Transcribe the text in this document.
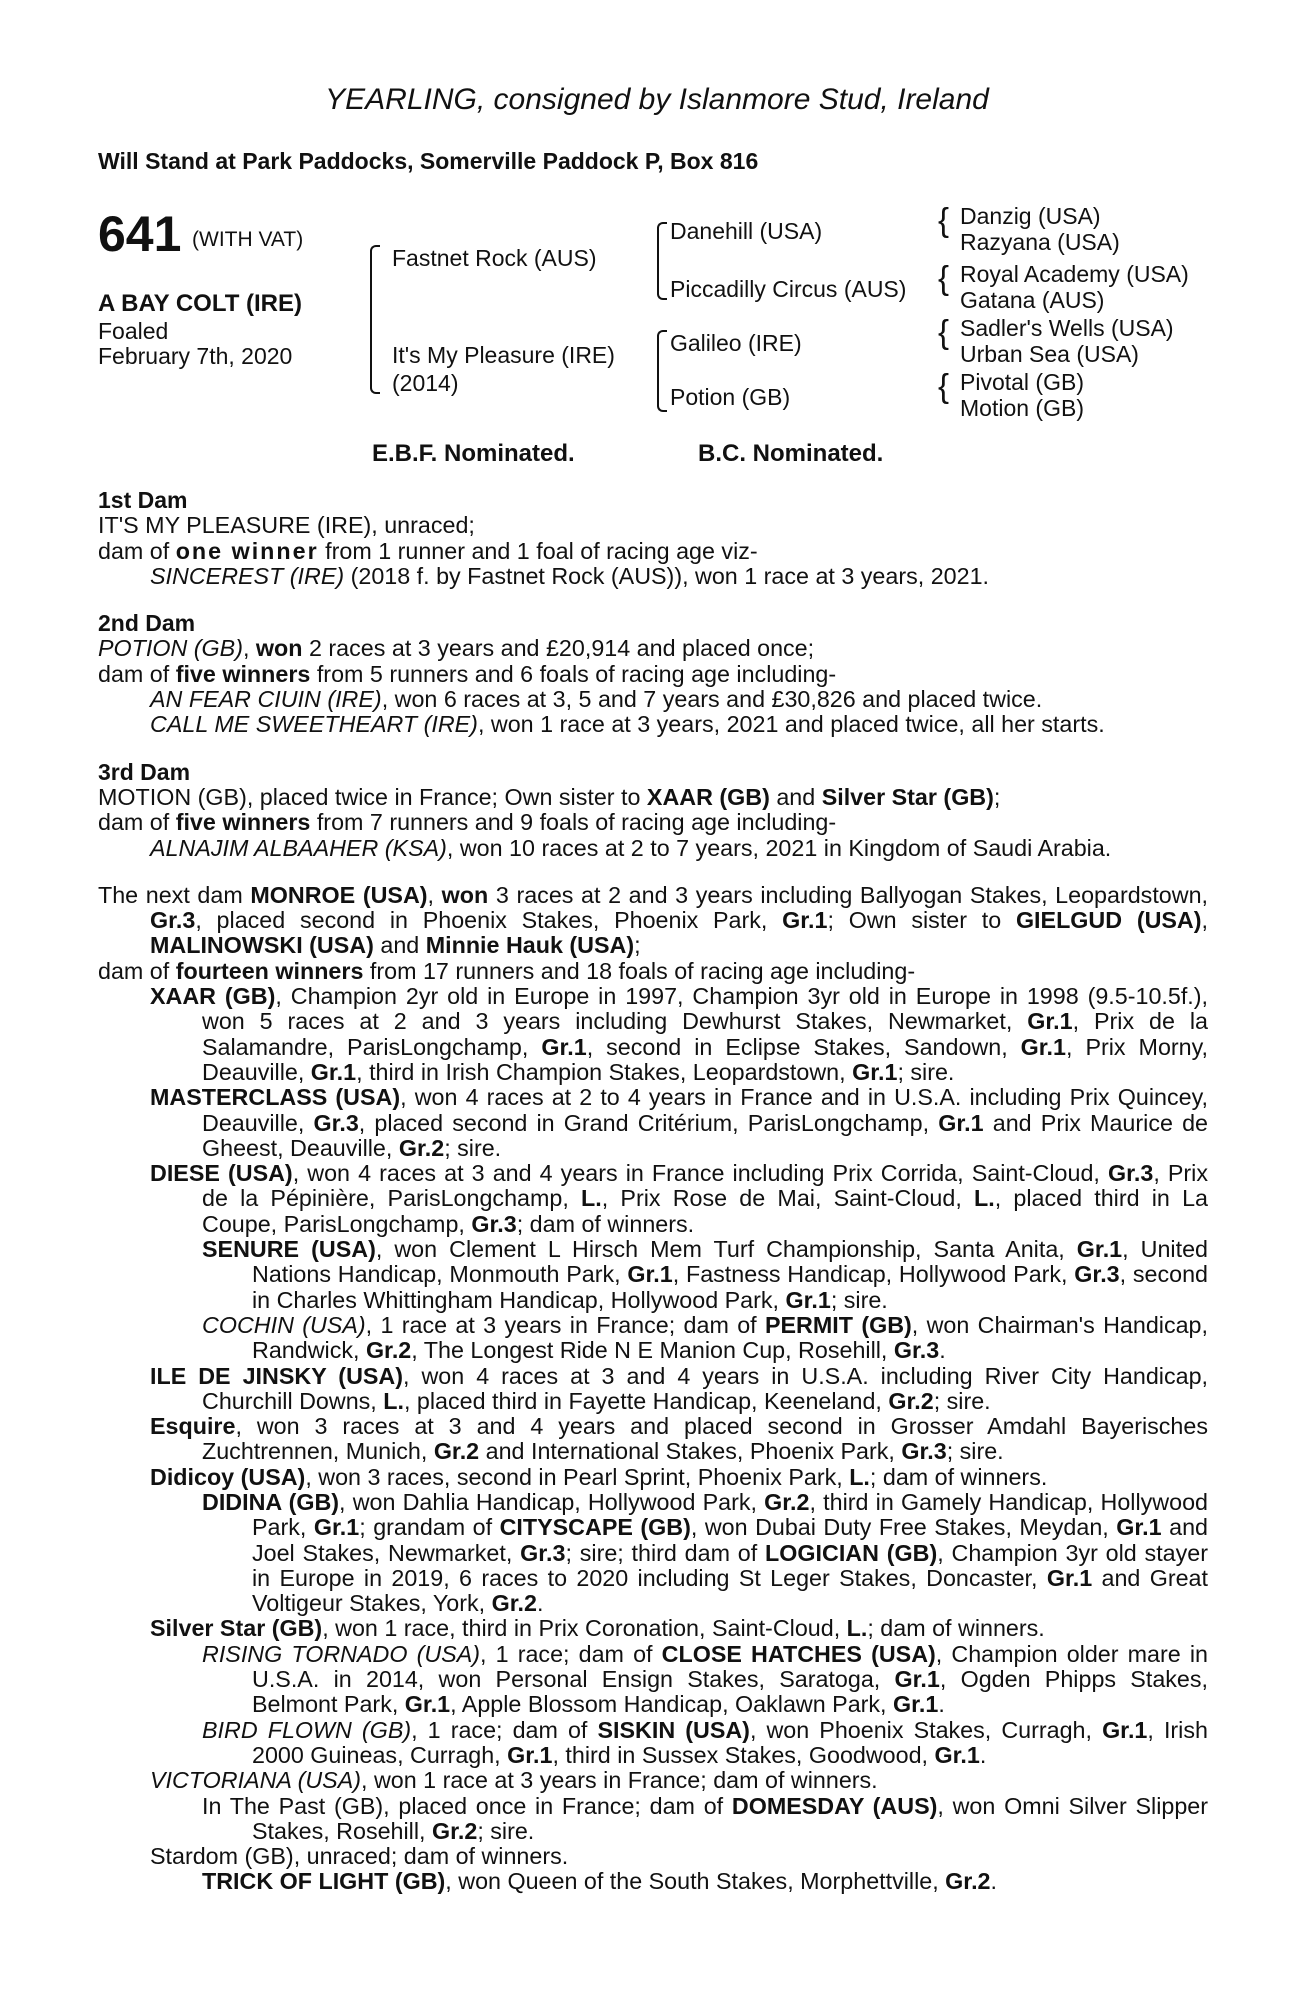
YEARLING, consigned by Islanmore Stud, Ireland
Will Stand at Park Paddocks, Somerville Paddock P, Box 816
641 (WITH VAT)
A BAY COLT (IRE)
Foaled
February 7th, 2020
Fastnet Rock (AUS)
It's My Pleasure (IRE)
(2014)
Danehill (USA)
Piccadilly Circus (AUS)
Galileo (IRE)
Potion (GB)
{ Danzig (USA)
Razyana (USA)
{ Royal Academy (USA)
Gatana (AUS)
{ Sadler's Wells (USA)
Urban Sea (USA)
{ Pivotal (GB)
Motion (GB)
E.B.F. Nominated.	B.C. Nominated.

1st Dam

IT'S MY PLEASURE (IRE), unraced;

dam of one winner from 1 runner and 1 foal of racing age viz-

SINCEREST (IRE) (2018 f. by Fastnet Rock (AUS)), won 1 race at 3 years, 2021.

2nd Dam

POTION (GB), won 2 races at 3 years and £20,914 and placed once;

dam of five winners from 5 runners and 6 foals of racing age including-

AN FEAR CIUIN (IRE), won 6 races at 3, 5 and 7 years and £30,826 and placed twice.

CALL ME SWEETHEART (IRE), won 1 race at 3 years, 2021 and placed twice, all her starts.

3rd Dam

MOTION (GB), placed twice in France; Own sister to XAAR (GB) and Silver Star (GB);

dam of five winners from 7 runners and 9 foals of racing age including-

ALNAJIM ALBAAHER (KSA), won 10 races at 2 to 7 years, 2021 in Kingdom of Saudi Arabia.

The next dam MONROE (USA), won 3 races at 2 and 3 years including Ballyogan Stakes, Leopardstown, Gr.3, placed second in Phoenix Stakes, Phoenix Park, Gr.1; Own sister to GIELGUD (USA), MALINOWSKI (USA) and Minnie Hauk (USA);

dam of fourteen winners from 17 runners and 18 foals of racing age including-

XAAR (GB), Champion 2yr old in Europe in 1997, Champion 3yr old in Europe in 1998 (9.5-10.5f.), won 5 races at 2 and 3 years including Dewhurst Stakes, Newmarket, Gr.1, Prix de la Salamandre, ParisLongchamp, Gr.1, second in Eclipse Stakes, Sandown, Gr.1, Prix Morny, Deauville, Gr.1, third in Irish Champion Stakes, Leopardstown, Gr.1; sire.

MASTERCLASS (USA), won 4 races at 2 to 4 years in France and in U.S.A. including Prix Quincey, Deauville, Gr.3, placed second in Grand Critérium, ParisLongchamp, Gr.1 and Prix Maurice de Gheest, Deauville, Gr.2; sire.

DIESE (USA), won 4 races at 3 and 4 years in France including Prix Corrida, Saint-Cloud, Gr.3, Prix de la Pépinière, ParisLongchamp, L., Prix Rose de Mai, Saint-Cloud, L., placed third in La Coupe, ParisLongchamp, Gr.3; dam of winners.

SENURE (USA), won Clement L Hirsch Mem Turf Championship, Santa Anita, Gr.1, United Nations Handicap, Monmouth Park, Gr.1, Fastness Handicap, Hollywood Park, Gr.3, second in Charles Whittingham Handicap, Hollywood Park, Gr.1; sire.

COCHIN (USA), 1 race at 3 years in France; dam of PERMIT (GB), won Chairman's Handicap, Randwick, Gr.2, The Longest Ride N E Manion Cup, Rosehill, Gr.3.

ILE DE JINSKY (USA), won 4 races at 3 and 4 years in U.S.A. including River City Handicap, Churchill Downs, L., placed third in Fayette Handicap, Keeneland, Gr.2; sire.

Esquire, won 3 races at 3 and 4 years and placed second in Grosser Amdahl Bayerisches Zuchtrennen, Munich, Gr.2 and International Stakes, Phoenix Park, Gr.3; sire.

Didicoy (USA), won 3 races, second in Pearl Sprint, Phoenix Park, L.; dam of winners.

DIDINA (GB), won Dahlia Handicap, Hollywood Park, Gr.2, third in Gamely Handicap, Hollywood Park, Gr.1; grandam of CITYSCAPE (GB), won Dubai Duty Free Stakes, Meydan, Gr.1 and Joel Stakes, Newmarket, Gr.3; sire; third dam of LOGICIAN (GB), Champion 3yr old stayer in Europe in 2019, 6 races to 2020 including St Leger Stakes, Doncaster, Gr.1 and Great Voltigeur Stakes, York, Gr.2.

Silver Star (GB), won 1 race, third in Prix Coronation, Saint-Cloud, L.; dam of winners.

RISING TORNADO (USA), 1 race; dam of CLOSE HATCHES (USA), Champion older mare in U.S.A. in 2014, won Personal Ensign Stakes, Saratoga, Gr.1, Ogden Phipps Stakes, Belmont Park, Gr.1, Apple Blossom Handicap, Oaklawn Park, Gr.1.

BIRD FLOWN (GB), 1 race; dam of SISKIN (USA), won Phoenix Stakes, Curragh, Gr.1, Irish 2000 Guineas, Curragh, Gr.1, third in Sussex Stakes, Goodwood, Gr.1.

VICTORIANA (USA), won 1 race at 3 years in France; dam of winners.

In The Past (GB), placed once in France; dam of DOMESDAY (AUS), won Omni Silver Slipper Stakes, Rosehill, Gr.2; sire.

Stardom (GB), unraced; dam of winners.

TRICK OF LIGHT (GB), won Queen of the South Stakes, Morphettville, Gr.2.
